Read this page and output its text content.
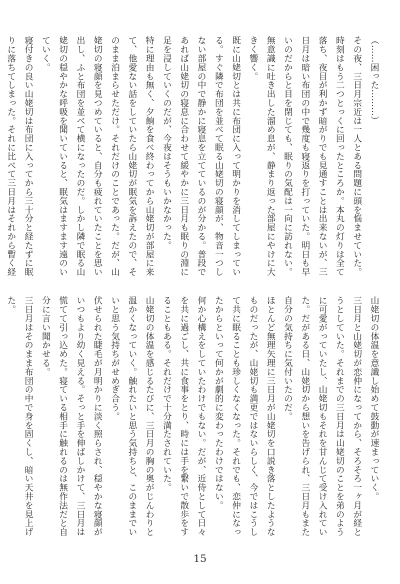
（……困った………）

その夜、三日月宗近は一人とある問題に頭を悩ませていた。

時刻はもう二つとっくに回ったところか。本丸の灯りは全て落ち、夜目が利かず暗がりでも見通すことは出来ないが、三日月は暗い布団の中で幾度も寝返りを打っていた。明日も早いのだからと目を閉じても、眠りの気配は一向に訪れない。無意識に吐き出した溜め息が、静まり返った部屋にやけに大きく響く。

既に山姥切とは共に布団に入って明かりを消してしまっている。すぐ隣で布団を並べて眠る山姥切の寝顔が、物音一つしない部屋の中で静かに寝息を立てているのが分かる。普段であれば山姥切の寝息に合わせて緩やかに三日月も眠りの淵に足を浸していくのだが、今夜はそうもいかなかった。

特に理由も無く、夕餉を食べ終わってから山姥切が部屋に来て、他愛ない話をしていたら山姥切が眠気を訴えたので、そのまま泊まらせただけ。それだけのことであった。だが、山姥切の寝顔を見つめていると、自分も疲れていたことを思い出し、ふと布団を並べて横になったのだ。しかし隣で眠る山姥切の穏やかな呼吸を聞いていると、眠気はますます遠のいていく。

寝付きの良い山姥切は布団に入ってから三十分と経たずに眠りに落ちてしまった。それに比べて三日月はそれから暫く経

山姥切の体温を意識し始めて鼓動が速まっていく。

三日月と山姥切が恋仲になってから、そろそろ一ヶ月が経とうとしていた。それまでの三日月は山姥切のことを弟のように可愛がっていたし、山姥切もそれを甘んじて受け入れていた。だがある日、山姥切から想いを告げられ、三日月もまた自分の気持ちに気付いたのだ。

ほとんど無理矢理に三日月が山姥切を口説き落としたようなものだったが、山姥切も満更ではないらしく、今ではこうして共に眠ることも珍しくなくなった。それでも、恋仲になったからといって何かが劇的に変わったわけではない。

何か心構えをしていたわけでもない。だが、近侍として日々を共に過ごし、共に食事をとり、時には手を繋いで散歩をすることもある。それだけで十分満たされていた。

山姥切の体温を感じるたびに、三日月の胸の奥がじんわりと温かくなっていく。触れたいと思う気持ちと、このままでいいと思う気持ちがせめぎ合う。

伏せられた睫毛が月明かりに淡く照らされ、穏やかな寝顔がいつもより幼く見える。そっと手を伸ばしかけて、三日月は慌てて引っ込めた。寝ている相手に触れるのは無作法だと自分に言い聞かせる。

三日月はそのまま布団の中で身を固くし、暗い天井を見上げた。

15
